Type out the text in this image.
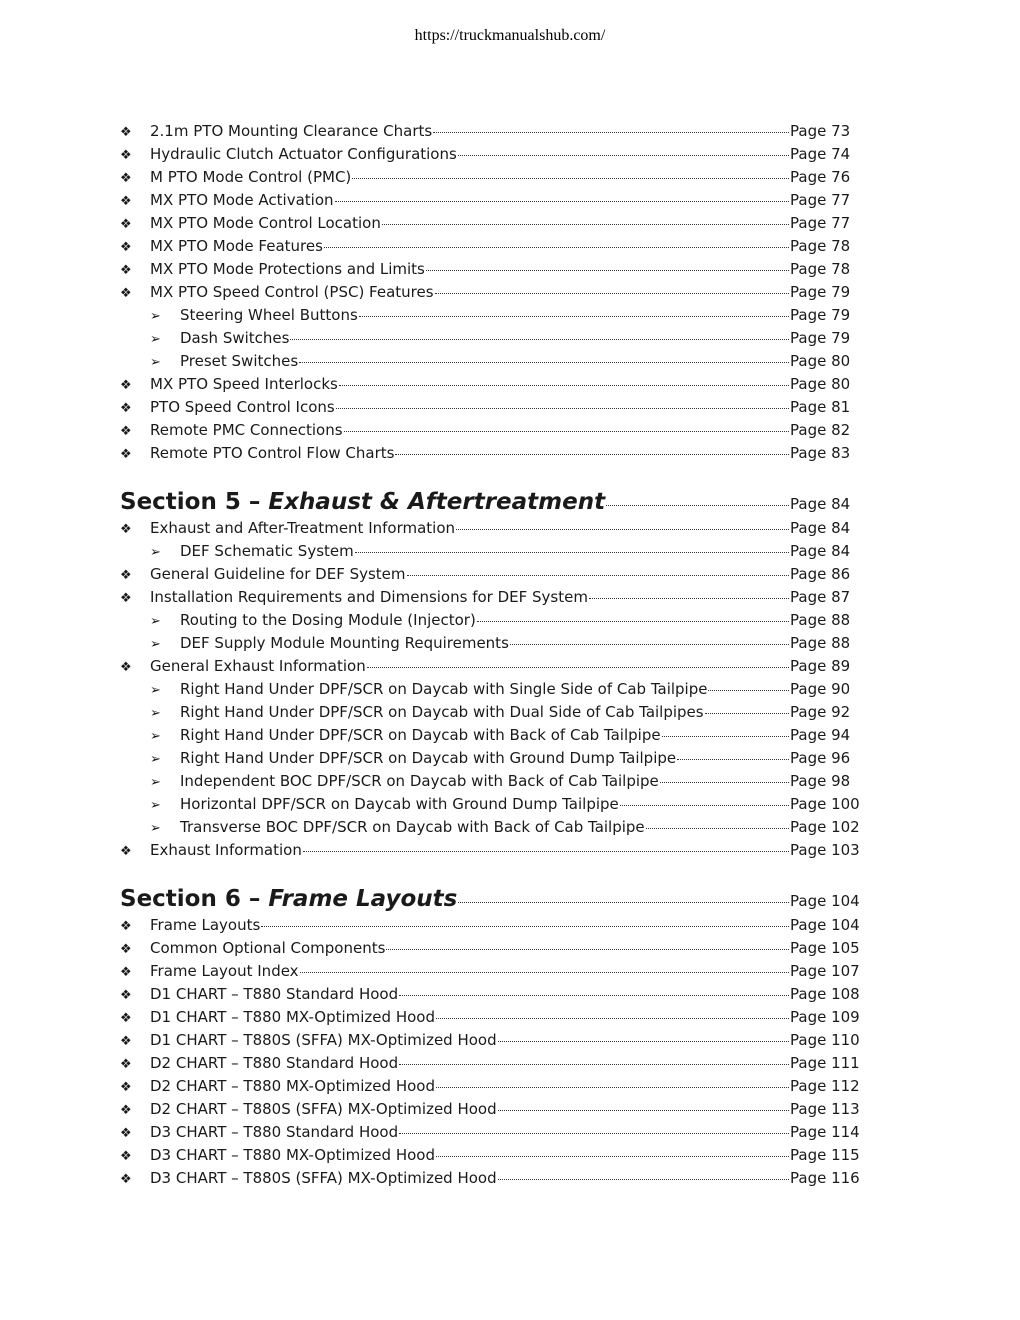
https://truckmanualshub.com/
❖	2.1m PTO Mounting Clearance Charts	Page 73
❖	Hydraulic Clutch Actuator Configurations	Page 74
❖	M PTO Mode Control (PMC)	Page 76
❖	MX PTO Mode Activation	Page 77
❖	MX PTO Mode Control Location	Page 77
❖	MX PTO Mode Features	Page 78
❖	MX PTO Mode Protections and Limits	Page 78
❖	MX PTO Speed Control (PSC) Features	Page 79
➢	Steering Wheel Buttons	Page 79
➢	Dash Switches	Page 79
➢	Preset Switches	Page 80
❖	MX PTO Speed Interlocks	Page 80
❖	PTO Speed Control Icons	Page 81
❖	Remote PMC Connections	Page 82
❖	Remote PTO Control Flow Charts	Page 83
Section 5 – Exhaust & Aftertreatment	Page 84
❖	Exhaust and After-Treatment Information	Page 84
➢	DEF Schematic System	Page 84
❖	General Guideline for DEF System	Page 86
❖	Installation Requirements and Dimensions for DEF System	Page 87
➢	Routing to the Dosing Module (Injector)	Page 88
➢	DEF Supply Module Mounting Requirements	Page 88
❖	General Exhaust Information	Page 89
➢	Right Hand Under DPF/SCR on Daycab with Single Side of Cab Tailpipe	Page 90
➢	Right Hand Under DPF/SCR on Daycab with Dual Side of Cab Tailpipes	Page 92
➢	Right Hand Under DPF/SCR on Daycab with Back of Cab Tailpipe	Page 94
➢	Right Hand Under DPF/SCR on Daycab with Ground Dump Tailpipe	Page 96
➢	Independent BOC DPF/SCR on Daycab with Back of Cab Tailpipe	Page 98
➢	Horizontal DPF/SCR on Daycab with Ground Dump Tailpipe	Page 100
➢	Transverse BOC DPF/SCR on Daycab with Back of Cab Tailpipe	Page 102
❖	Exhaust Information	Page 103
Section 6 – Frame Layouts	Page 104
❖	Frame Layouts	Page 104
❖	Common Optional Components	Page 105
❖	Frame Layout Index	Page 107
❖	D1 CHART – T880 Standard Hood	Page 108
❖	D1 CHART – T880 MX-Optimized Hood	Page 109
❖	D1 CHART – T880S (SFFA) MX-Optimized Hood	Page 110
❖	D2 CHART – T880 Standard Hood	Page 111
❖	D2 CHART – T880 MX-Optimized Hood	Page 112
❖	D2 CHART – T880S (SFFA) MX-Optimized Hood	Page 113
❖	D3 CHART – T880 Standard Hood	Page 114
❖	D3 CHART – T880 MX-Optimized Hood	Page 115
❖	D3 CHART – T880S (SFFA) MX-Optimized Hood	Page 116
